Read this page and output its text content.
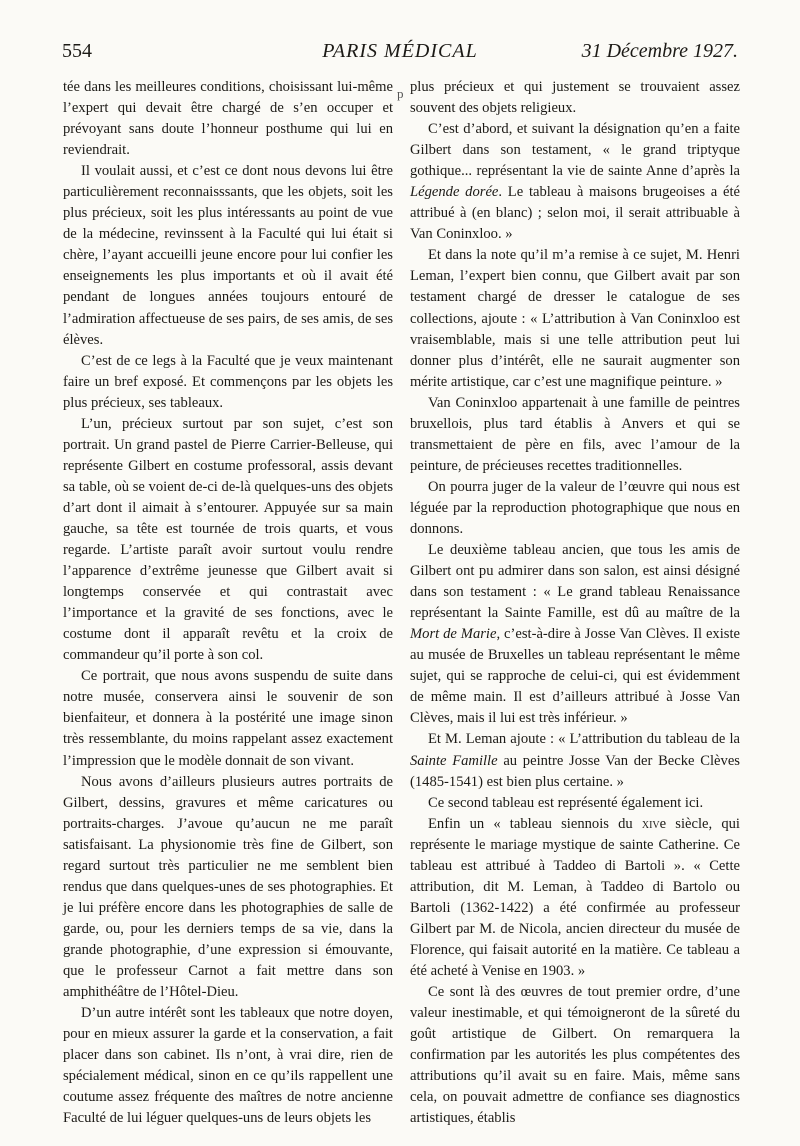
554	PARIS MÉDICAL	31 Décembre 1927.
p

tée dans les meilleures conditions, choisissant lui-même l’expert qui devait être chargé de s’en occuper et prévoyant sans doute l’honneur posthume qui lui en reviendrait.

Il voulait aussi, et c’est ce dont nous devons lui être particulièrement reconnaisssants, que les objets, soit les plus précieux, soit les plus intéressants au point de vue de la médecine, revinssent à la Faculté qui lui était si chère, l’ayant accueilli jeune encore pour lui confier les enseignements les plus importants et où il avait été pendant de longues années toujours entouré de l’admiration affectueuse de ses pairs, de ses amis, de ses élèves.

C’est de ce legs à la Faculté que je veux maintenant faire un bref exposé. Et commençons par les objets les plus précieux, ses tableaux.

L’un, précieux surtout par son sujet, c’est son portrait. Un grand pastel de Pierre Carrier-Belleuse, qui représente Gilbert en costume professoral, assis devant sa table, où se voient de-ci de-là quelques-uns des objets d’art dont il aimait à s’entourer. Appuyée sur sa main gauche, sa tête est tournée de trois quarts, et vous regarde. L’artiste paraît avoir surtout voulu rendre l’apparence d’extrême jeunesse que Gilbert avait si longtemps conservée et qui contrastait avec l’importance et la gravité de ses fonctions, avec le costume dont il apparaît revêtu et la croix de commandeur qu’il porte à son col.

Ce portrait, que nous avons suspendu de suite dans notre musée, conservera ainsi le souvenir de son bienfaiteur, et donnera à la postérité une image sinon très ressemblante, du moins rappelant assez exactement l’impression que le modèle donnait de son vivant.

Nous avons d’ailleurs plusieurs autres portraits de Gilbert, dessins, gravures et même caricatures ou portraits-charges. J’avoue qu’aucun ne me paraît satisfaisant. La physionomie très fine de Gilbert, son regard surtout très particulier ne me semblent bien rendus que dans quelques-unes de ses photographies. Et je lui préfère encore dans les photographies de salle de garde, ou, pour les derniers temps de sa vie, dans la grande photographie, d’une expression si émouvante, que le professeur Carnot a fait mettre dans son amphithéâtre de l’Hôtel-Dieu.

D’un autre intérêt sont les tableaux que notre doyen, pour en mieux assurer la garde et la conservation, a fait placer dans son cabinet. Ils n’ont, à vrai dire, rien de spécialement médical, sinon en ce qu’ils rappellent une coutume assez fréquente des maîtres de notre ancienne Faculté de lui léguer quelques-uns de leurs objets les

plus précieux et qui justement se trouvaient assez souvent des objets religieux.

C’est d’abord, et suivant la désignation qu’en a faite Gilbert dans son testament, « le grand triptyque gothique... représentant la vie de sainte Anne d’après la Légende dorée. Le tableau à maisons brugeoises a été attribué à (en blanc) ; selon moi, il serait attribuable à Van Coninxloo. »

Et dans la note qu’il m’a remise à ce sujet, M. Henri Leman, l’expert bien connu, que Gilbert avait par son testament chargé de dresser le catalogue de ses collections, ajoute : « L’attribution à Van Coninxloo est vraisemblable, mais si une telle attribution peut lui donner plus d’intérêt, elle ne saurait augmenter son mérite artistique, car c’est une magnifique peinture. »

Van Coninxloo appartenait à une famille de peintres bruxellois, plus tard établis à Anvers et qui se transmettaient de père en fils, avec l’amour de la peinture, de précieuses recettes traditionnelles.

On pourra juger de la valeur de l’œuvre qui nous est léguée par la reproduction photographique que nous en donnons.

Le deuxième tableau ancien, que tous les amis de Gilbert ont pu admirer dans son salon, est ainsi désigné dans son testament : « Le grand tableau Renaissance représentant la Sainte Famille, est dû au maître de la Mort de Marie, c’est-à-dire à Josse Van Clèves. Il existe au musée de Bruxelles un tableau représentant le même sujet, qui se rapproche de celui-ci, qui est évidemment de même main. Il est d’ailleurs attribué à Josse Van Clèves, mais il lui est très inférieur. »

Et M. Leman ajoute : « L’attribution du tableau de la Sainte Famille au peintre Josse Van der Becke Clèves (1485-1541) est bien plus certaine. »

Ce second tableau est représenté également ici.

Enfin un « tableau siennois du xive siècle, qui représente le mariage mystique de sainte Catherine. Ce tableau est attribué à Taddeo di Bartoli ». « Cette attribution, dit M. Leman, à Taddeo di Bartolo ou Bartoli (1362-1422) a été confirmée au professeur Gilbert par M. de Nicola, ancien directeur du musée de Florence, qui faisait autorité en la matière. Ce tableau a été acheté à Venise en 1903. »

Ce sont là des œuvres de tout premier ordre, d’une valeur inestimable, et qui témoigneront de la sûreté du goût artistique de Gilbert. On remarquera la confirmation par les autorités les plus compétentes des attributions qu’il avait su en faire. Mais, même sans cela, on pouvait admettre de confiance ses diagnostics artistiques, établis
